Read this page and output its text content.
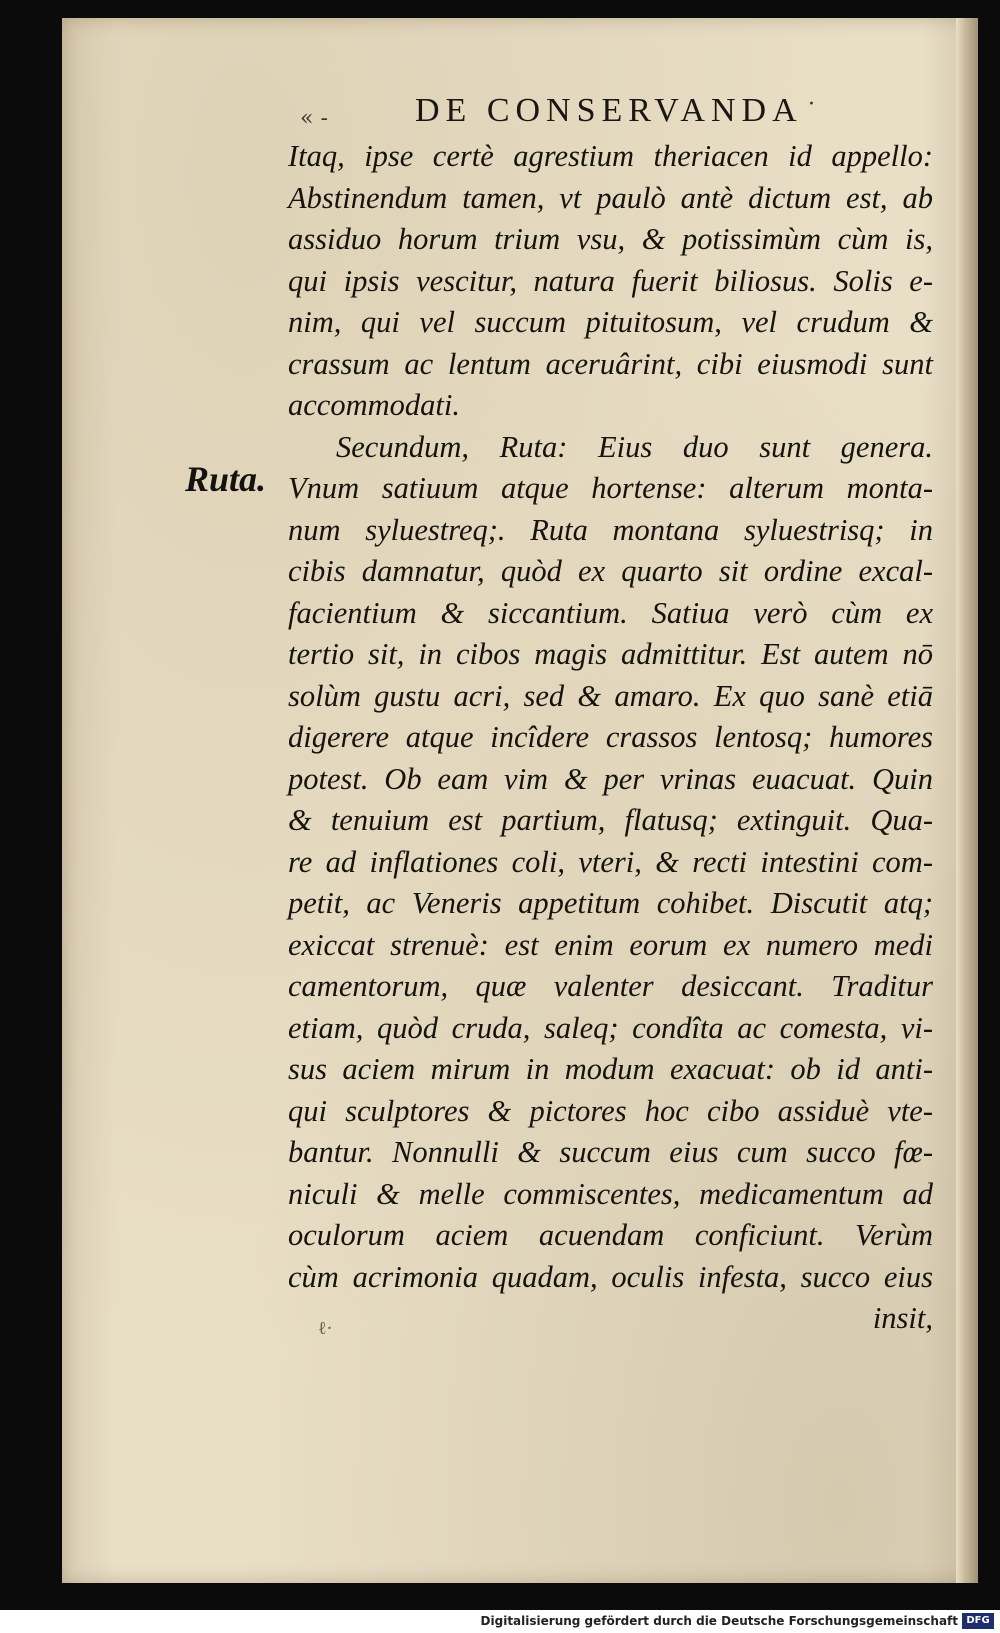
« -	DE CONSERVANDA ·
Ruta.
Itaq, ipse certè agrestium theriacen id appello:
Abstinendum tamen, vt paulò antè dictum est, ab
assiduo horum trium vsu, & potissimùm cùm is,
qui ipsis vescitur, natura fuerit biliosus. Solis e-
nim, qui vel succum pituitosum, vel crudum &
crassum ac lentum aceruârint, cibi eiusmodi sunt
accommodati.
Secundum, Ruta: Eius duo sunt genera.
Vnum satiuum atque hortense: alterum monta-
num syluestreq;. Ruta montana syluestrisq; in
cibis damnatur, quòd ex quarto sit ordine excal-
facientium & siccantium. Satiua verò cùm ex
tertio sit, in cibos magis admittitur. Est autem nō
solùm gustu acri, sed & amaro. Ex quo sanè etiā
digerere atque incîdere crassos lentosq; humores
potest. Ob eam vim & per vrinas euacuat. Quin
& tenuium est partium, flatusq; extinguit. Qua-
re ad inflationes coli, vteri, & recti intestini com-
petit, ac Veneris appetitum cohibet. Discutit atq;
exiccat strenuè: est enim eorum ex numero medi
camentorum, quæ valenter desiccant. Traditur
etiam, quòd cruda, saleq; condîta ac comesta, vi-
sus aciem mirum in modum exacuat: ob id anti-
qui sculptores & pictores hoc cibo assiduè vte-
bantur. Nonnulli & succum eius cum succo fœ-
niculi & melle commiscentes, medicamentum ad
oculorum aciem acuendam conficiunt. Verùm
cùm acrimonia quadam, oculis infesta, succo eius
insit,
ℓ·
Digitalisierung gefördert durch die Deutsche Forschungsgemeinschaft DFG
